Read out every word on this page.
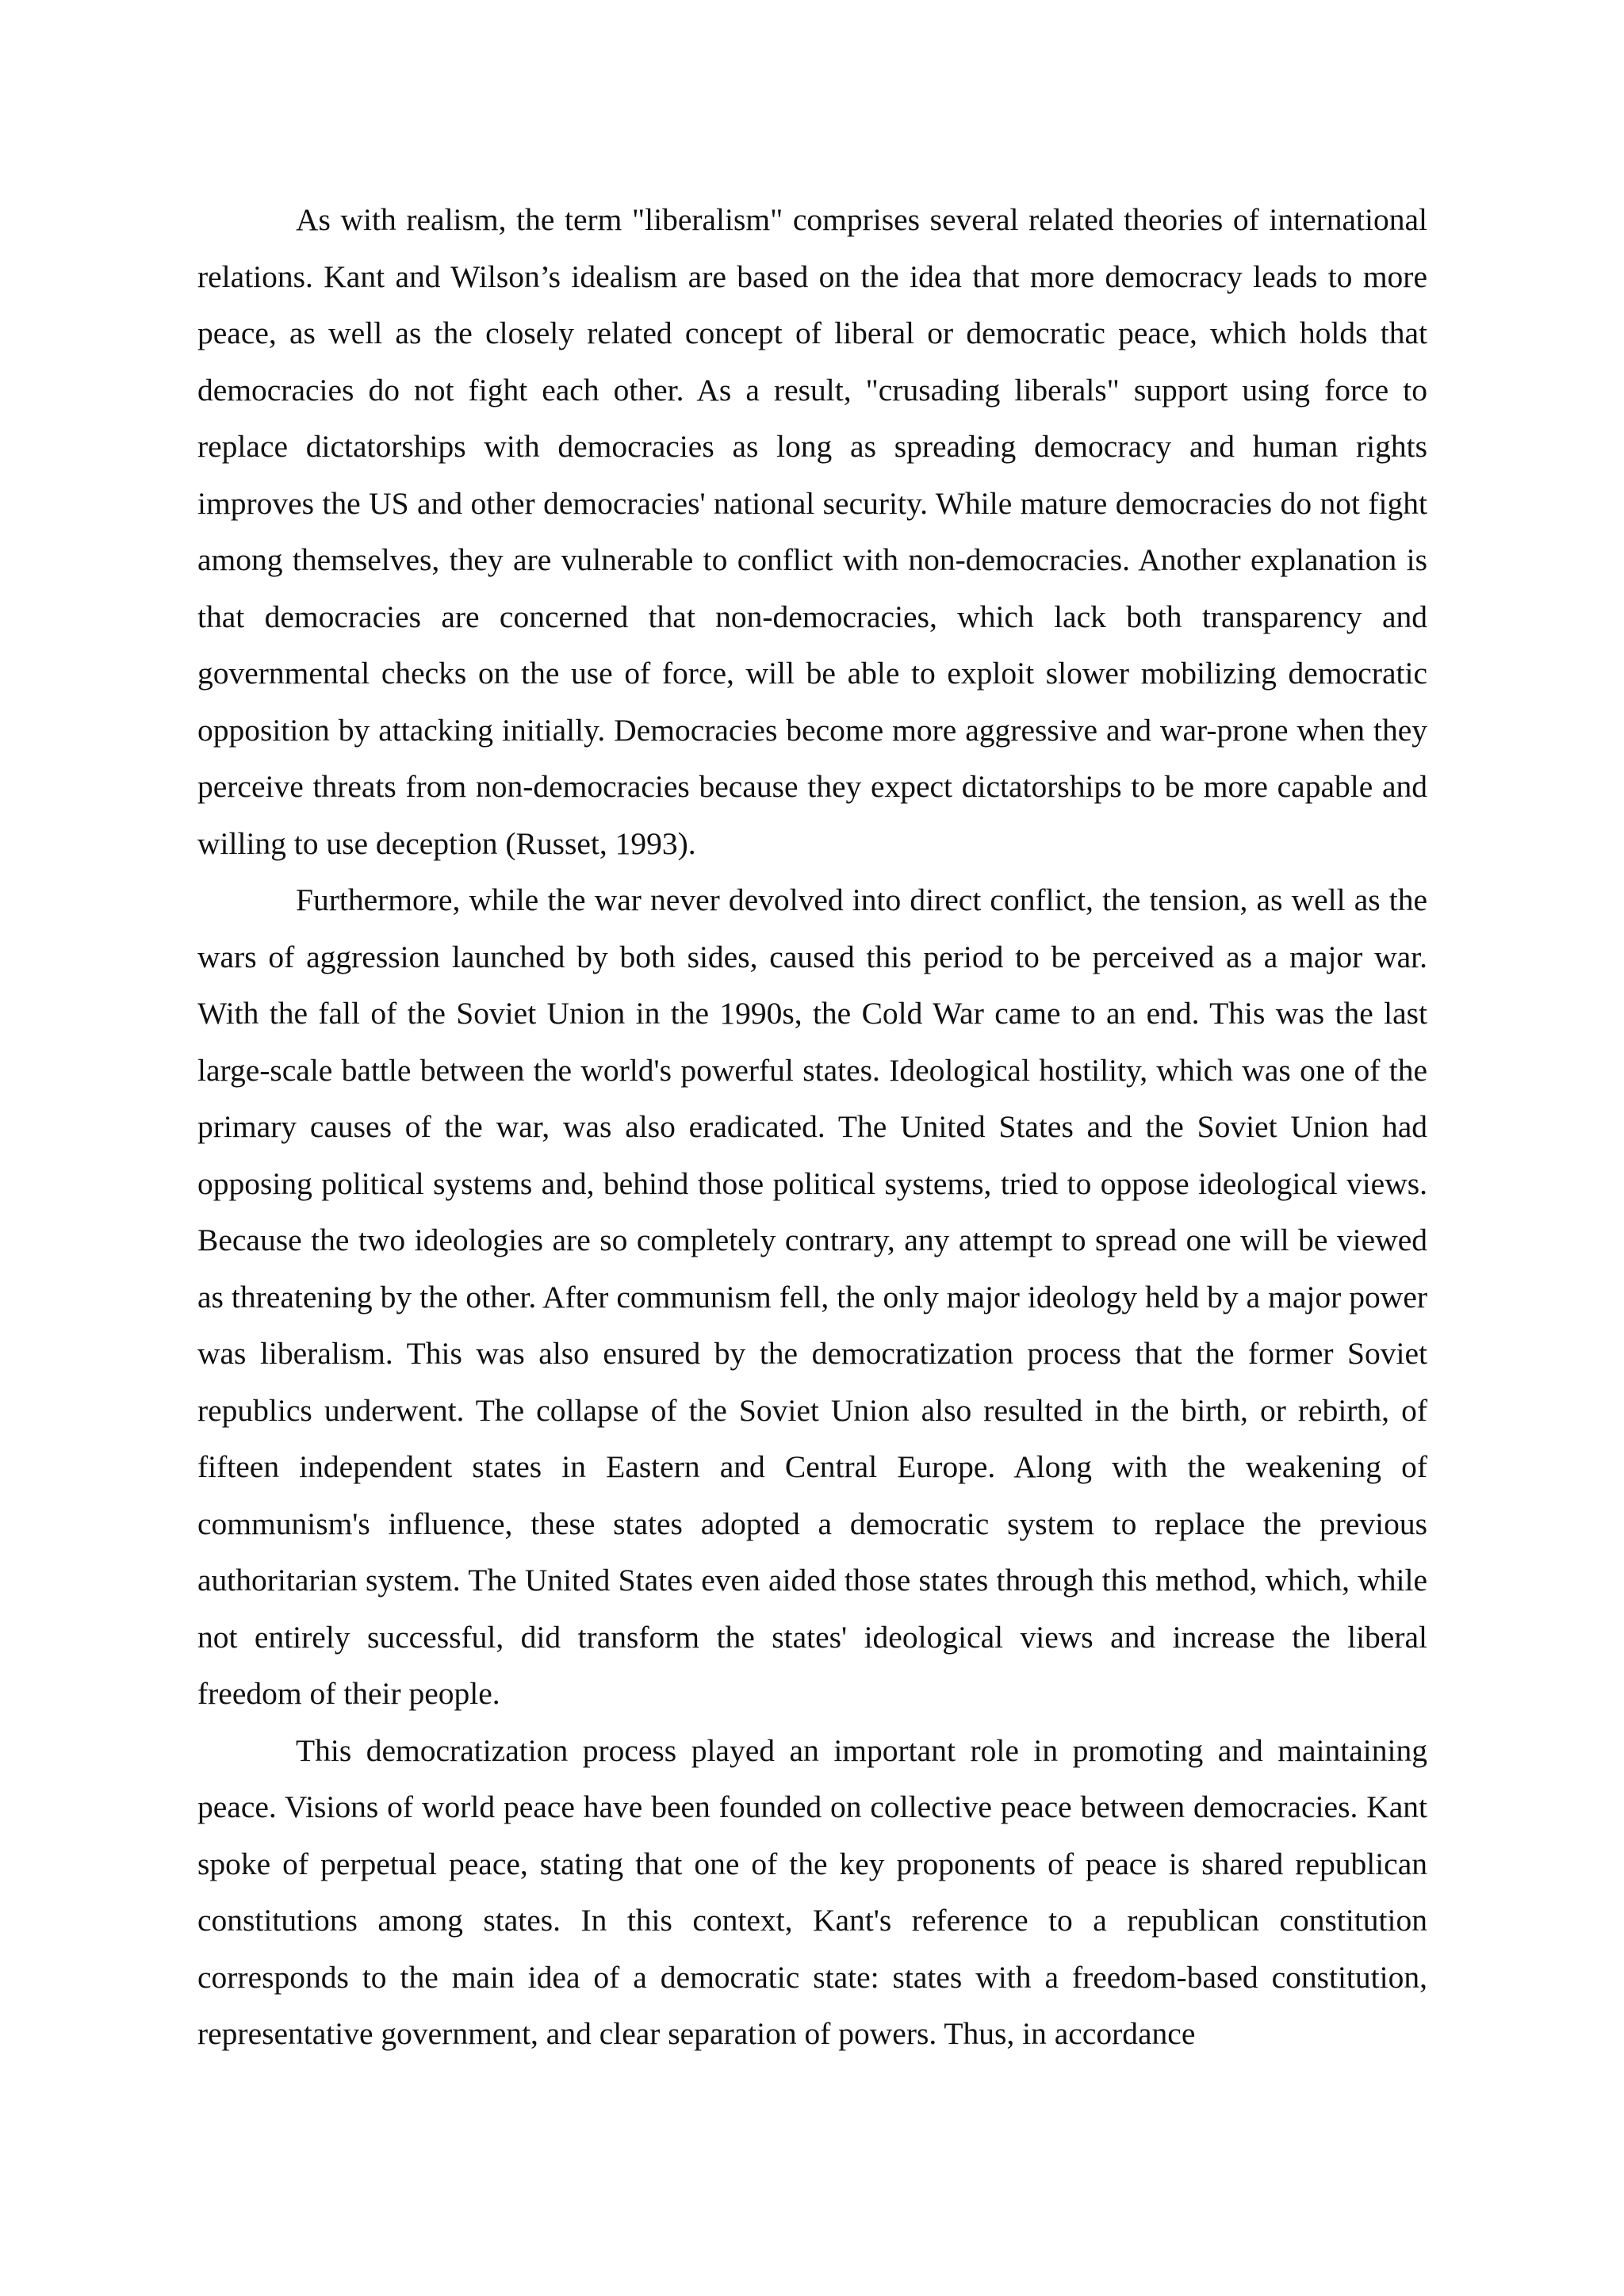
As with realism, the term "liberalism" comprises several related theories of international relations. Kant and Wilson’s idealism are based on the idea that more democracy leads to more peace, as well as the closely related concept of liberal or democratic peace, which holds that democracies do not fight each other. As a result, "crusading liberals" support using force to replace dictatorships with democracies as long as spreading democracy and human rights improves the US and other democracies' national security. While mature democracies do not fight among themselves, they are vulnerable to conflict with non-democracies. Another explanation is that democracies are concerned that non-democracies, which lack both transparency and governmental checks on the use of force, will be able to exploit slower mobilizing democratic opposition by attacking initially. Democracies become more aggressive and war-prone when they perceive threats from non-democracies because they expect dictatorships to be more capable and willing to use deception (Russet, 1993).

Furthermore, while the war never devolved into direct conflict, the tension, as well as the wars of aggression launched by both sides, caused this period to be perceived as a major war. With the fall of the Soviet Union in the 1990s, the Cold War came to an end. This was the last large-scale battle between the world's powerful states. Ideological hostility, which was one of the primary causes of the war, was also eradicated. The United States and the Soviet Union had opposing political systems and, behind those political systems, tried to oppose ideological views. Because the two ideologies are so completely contrary, any attempt to spread one will be viewed as threatening by the other. After communism fell, the only major ideology held by a major power was liberalism. This was also ensured by the democratization process that the former Soviet republics underwent. The collapse of the Soviet Union also resulted in the birth, or rebirth, of fifteen independent states in Eastern and Central Europe. Along with the weakening of communism's influence, these states adopted a democratic system to replace the previous authoritarian system. The United States even aided those states through this method, which, while not entirely successful, did transform the states' ideological views and increase the liberal freedom of their people.

This democratization process played an important role in promoting and maintaining peace. Visions of world peace have been founded on collective peace between democracies. Kant spoke of perpetual peace, stating that one of the key proponents of peace is shared republican constitutions among states. In this context, Kant's reference to a republican constitution corresponds to the main idea of a democratic state: states with a freedom-based constitution, representative government, and clear separation of powers. Thus, in accordance
